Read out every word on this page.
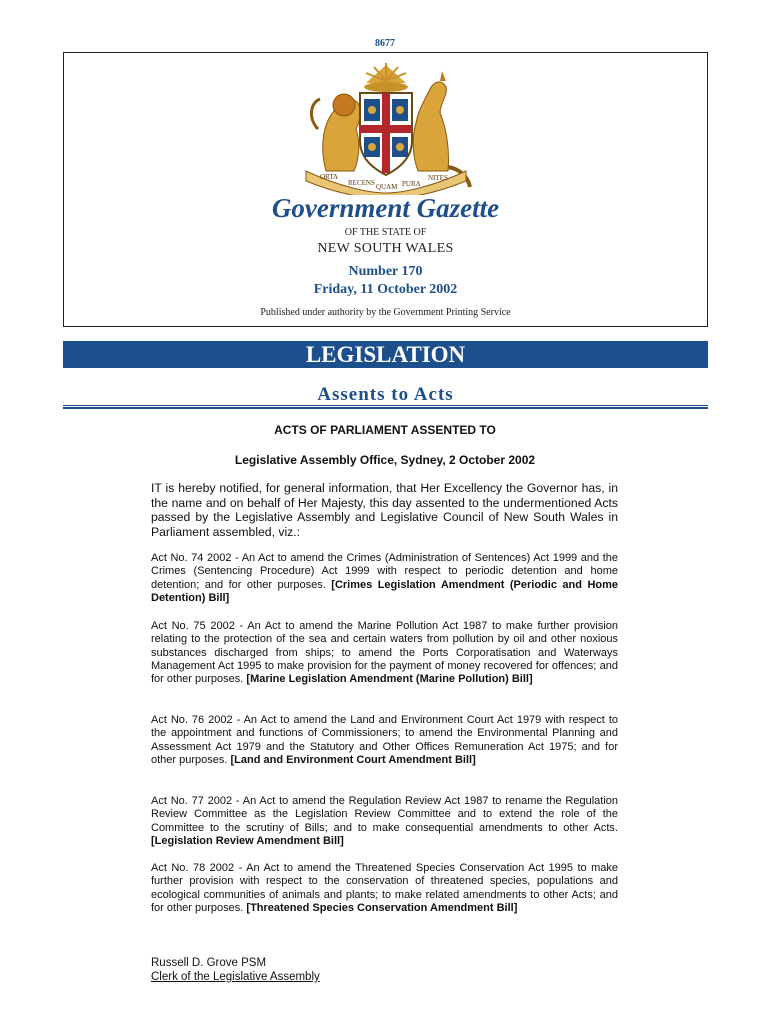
8677
ORTA
RECENS QUAM PURA
NITES
Government Gazette
OF THE STATE OF
NEW SOUTH WALES
Number 170
Friday, 11 October 2002
Published under authority by the Government Printing Service
LEGISLATION
Assents to Acts
ACTS OF PARLIAMENT ASSENTED TO
Legislative Assembly Office, Sydney, 2 October 2002

IT is hereby notified, for general information, that Her Excellency the Governor has, in the name and on behalf of Her Majesty, this day assented to the undermentioned Acts passed by the Legislative Assembly and Legislative Council of New South Wales in Parliament assembled, viz.:

Act No. 74 2002 - An Act to amend the Crimes (Administration of Sentences) Act 1999 and the Crimes (Sentencing Procedure) Act 1999 with respect to periodic detention and home detention; and for other purposes. [Crimes Legislation Amendment (Periodic and Home Detention) Bill]

Act No. 75 2002 - An Act to amend the Marine Pollution Act 1987 to make further provision relating to the protection of the sea and certain waters from pollution by oil and other noxious substances discharged from ships; to amend the Ports Corporatisation and Waterways Management Act 1995 to make provision for the payment of money recovered for offences; and for other purposes. [Marine Legislation Amendment (Marine Pollution) Bill]

Act No. 76 2002 - An Act to amend the Land and Environment Court Act 1979 with respect to the appointment and functions of Commissioners; to amend the Environmental Planning and Assessment Act 1979 and the Statutory and Other Offices Remuneration Act 1975; and for other purposes. [Land and Environment Court Amendment Bill]

Act No. 77 2002 - An Act to amend the Regulation Review Act 1987 to rename the Regulation Review Committee as the Legislation Review Committee and to extend the role of the Committee to the scrutiny of Bills; and to make consequential amendments to other Acts. [Legislation Review Amendment Bill]

Act No. 78 2002 - An Act to amend the Threatened Species Conservation Act 1995 to make further provision with respect to the conservation of threatened species, populations and ecological communities of animals and plants; to make related amendments to other Acts; and for other purposes. [Threatened Species Conservation Amendment Bill]

Russell D. Grove PSM
Clerk of the Legislative Assembly
